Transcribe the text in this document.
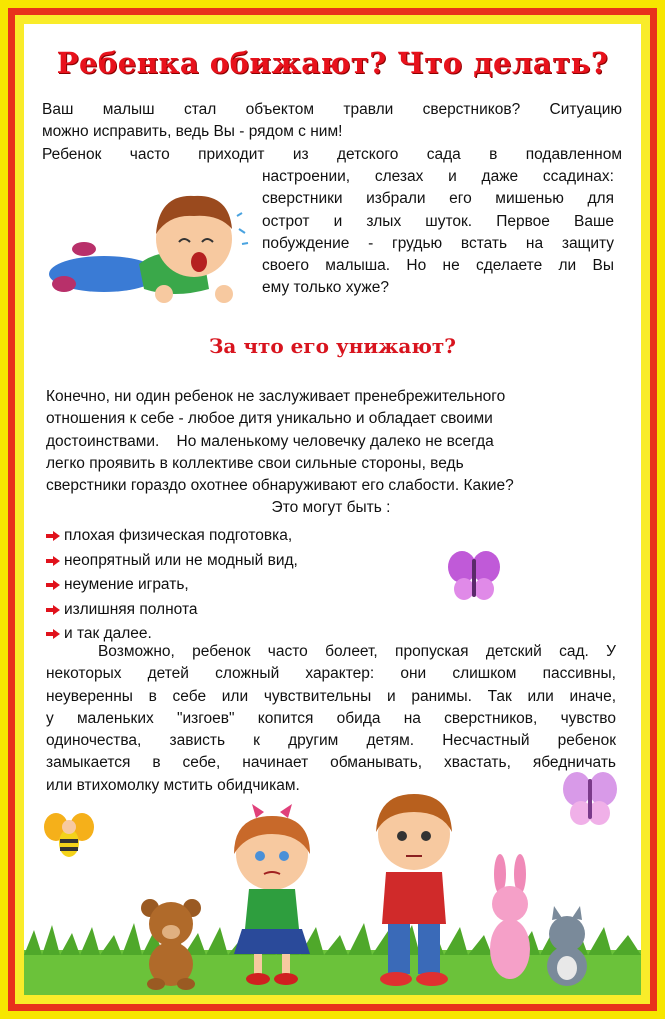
Ребенка обижают? Что делать?
Ваш малыш стал объектом травли сверстников? Ситуацию
можно исправить, ведь Вы - рядом с ним!
Ребенок часто приходит из детского сада в подавленном
настроении, слезах и даже ссадинах:
сверстники избрали его мишенью для
острот и злых шуток. Первое Ваше
побуждение - грудью встать на защиту
своего малыша. Но не сделаете ли Вы
ему только хуже?
За что его унижают?
Конечно, ни один ребенок не заслуживает пренебрежительного
отношения к себе - любое дитя уникально и обладает своими
достоинствами.    Но маленькому человечку далеко не всегда
легко проявить в коллективе свои сильные стороны, ведь
сверстники гораздо охотнее обнаруживают его слабости. Какие?
Это могут быть :
плохая физическая подготовка,
неопрятный или не модный вид,
неумение играть,
излишняя полнота
и так далее.
Возможно, ребенок часто болеет, пропуская детский сад. У
некоторых детей сложный характер: они слишком пассивны,
неуверенны в себе или чувствительны и ранимы. Так или иначе,
у маленьких "изгоев" копится обида на сверстников, чувство
одиночества, зависть к другим детям. Несчастный ребенок
замыкается в себе, начинает обманывать, хвастать, ябедничать
или втихомолку мстить обидчикам.
